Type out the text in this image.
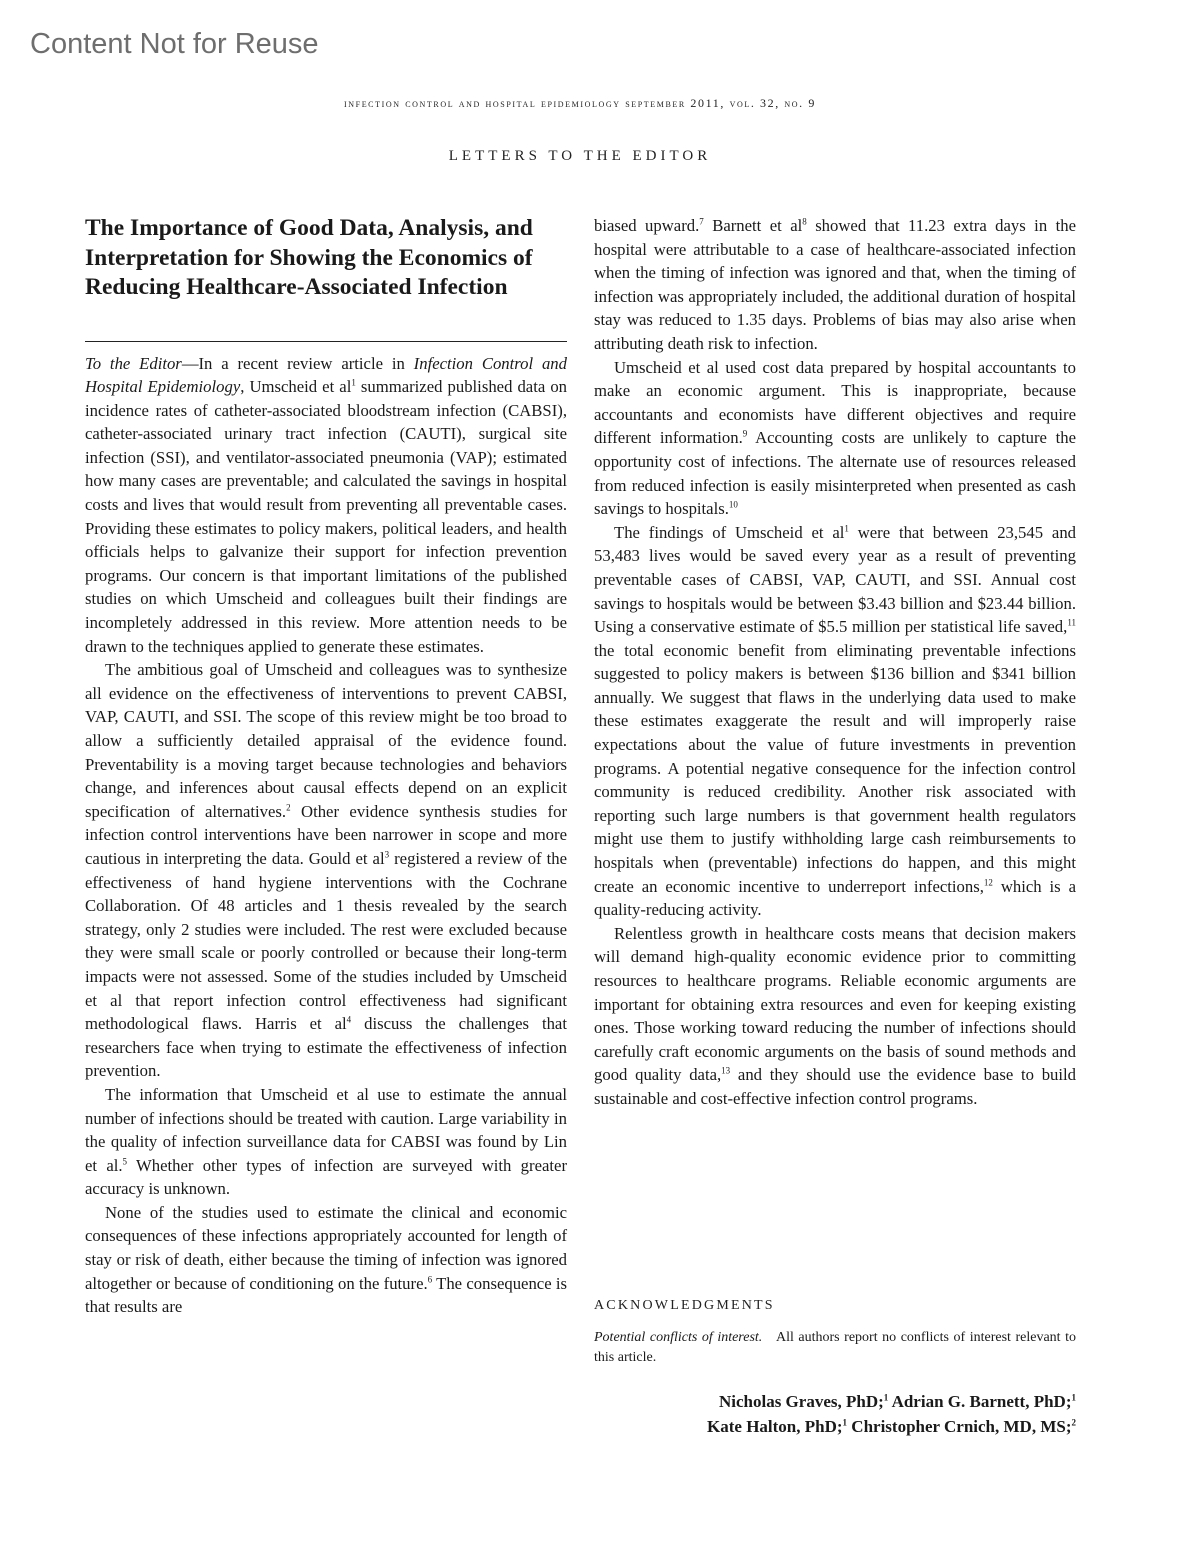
Content Not for Reuse
infection control and hospital epidemiology september 2011, vol. 32, no. 9
LETTERS TO THE EDITOR
The Importance of Good Data, Analysis, and Interpretation for Showing the Economics of Reducing Healthcare-Associated Infection

To the Editor—In a recent review article in Infection Control and Hospital Epidemiology, Umscheid et $al^1$ summarized published data on incidence rates of catheter-associated bloodstream infection (CABSI), catheter-associated urinary tract infection (CAUTI), surgical site infection (SSI), and ventilator-associated pneumonia (VAP); estimated how many cases are preventable; and calculated the savings in hospital costs and lives that would result from preventing all preventable cases. Providing these estimates to policy makers, political leaders, and health officials helps to galvanize their support for infection prevention programs. Our concern is that important limitations of the published studies on which Umscheid and colleagues built their findings are incompletely addressed in this review. More attention needs to be drawn to the techniques applied to generate these estimates.

The ambitious goal of Umscheid and colleagues was to synthesize all evidence on the effectiveness of interventions to prevent CABSI, VAP, CAUTI, and SSI. The scope of this review might be too broad to allow a sufficiently detailed appraisal of the evidence found. Preventability is a moving target because technologies and behaviors change, and inferences about causal effects depend on an explicit specification of alternatives.$^2$ Other evidence synthesis studies for infection control interventions have been narrower in scope and more cautious in interpreting the data. Gould et $al^3$ registered a review of the effectiveness of hand hygiene interventions with the Cochrane Collaboration. Of 48 articles and 1 thesis revealed by the search strategy, only 2 studies were included. The rest were excluded because they were small scale or poorly controlled or because their long-term impacts were not assessed. Some of the studies included by Umscheid et al that report infection control effectiveness had significant methodological flaws. Harris et $al^4$ discuss the challenges that researchers face when trying to estimate the effectiveness of infection prevention.

The information that Umscheid et al use to estimate the annual number of infections should be treated with caution. Large variability in the quality of infection surveillance data for CABSI was found by Lin et al.$^5$ Whether other types of infection are surveyed with greater accuracy is unknown.

None of the studies used to estimate the clinical and economic consequences of these infections appropriately accounted for length of stay or risk of death, either because the timing of infection was ignored altogether or because of conditioning on the future.$^6$ The consequence is that results are

biased upward.$^7$ Barnett et $al^8$ showed that 11.23 extra days in the hospital were attributable to a case of healthcare-associated infection when the timing of infection was ignored and that, when the timing of infection was appropriately included, the additional duration of hospital stay was reduced to 1.35 days. Problems of bias may also arise when attributing death risk to infection.

Umscheid et al used cost data prepared by hospital accountants to make an economic argument. This is inappropriate, because accountants and economists have different objectives and require different information.$^9$ Accounting costs are unlikely to capture the opportunity cost of infections. The alternate use of resources released from reduced infection is easily misinterpreted when presented as cash savings to hospitals.$^{10}$

The findings of Umscheid et $al^1$ were that between 23,545 and 53,483 lives would be saved every year as a result of preventing preventable cases of CABSI, VAP, CAUTI, and SSI. Annual cost savings to hospitals would be between $3.43 billion and $23.44 billion. Using a conservative estimate of $5.5 million per statistical life saved,$^{11}$ the total economic benefit from eliminating preventable infections suggested to policy makers is between $136 billion and $341 billion annually. We suggest that flaws in the underlying data used to make these estimates exaggerate the result and will improperly raise expectations about the value of future investments in prevention programs. A potential negative consequence for the infection control community is reduced credibility. Another risk associated with reporting such large numbers is that government health regulators might use them to justify withholding large cash reimbursements to hospitals when (preventable) infections do happen, and this might create an economic incentive to underreport infections,$^{12}$ which is a quality-reducing activity.

Relentless growth in healthcare costs means that decision makers will demand high-quality economic evidence prior to committing resources to healthcare programs. Reliable economic arguments are important for obtaining extra resources and even for keeping existing ones. Those working toward reducing the number of infections should carefully craft economic arguments on the basis of sound methods and good quality data,$^{13}$ and they should use the evidence base to build sustainable and cost-effective infection control programs.

ACKNOWLEDGMENTS

Potential conflicts of interest. All authors report no conflicts of interest relevant to this article.

Nicholas Graves, PhD;$^1$ Adrian G. Barnett, PhD;$^1$
Kate Halton, PhD;$^1$ Christopher Crnich, MD, MS;$^2$
